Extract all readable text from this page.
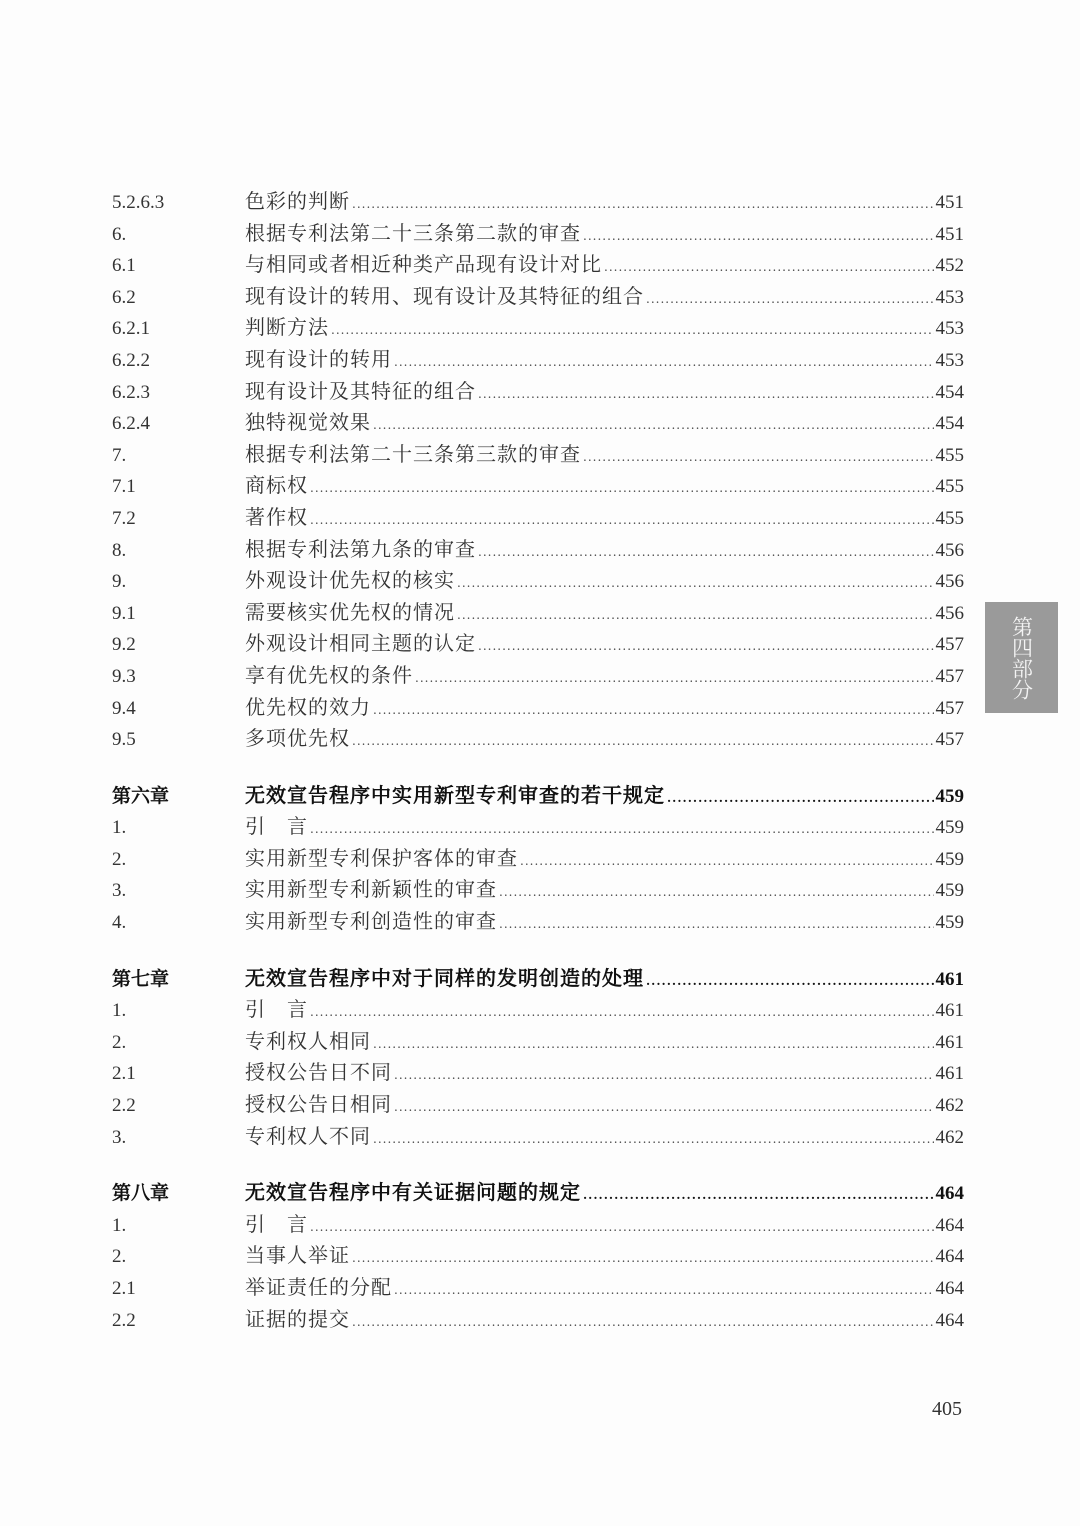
5.2.6.3	色彩的判断 .....	451
6.	根据专利法第二十三条第二款的审查 .....	451
6.1	与相同或者相近种类产品现有设计对比 .....	452
6.2	现有设计的转用、现有设计及其特征的组合 .....	453
6.2.1	判断方法 .....	453
6.2.2	现有设计的转用 .....	453
6.2.3	现有设计及其特征的组合 .....	454
6.2.4	独特视觉效果 .....	454
7.	根据专利法第二十三条第三款的审查 .....	455
7.1	商标权 .....	455
7.2	著作权 .....	455
8.	根据专利法第九条的审查 .....	456
9.	外观设计优先权的核实 .....	456
9.1	需要核实优先权的情况 .....	456
9.2	外观设计相同主题的认定 .....	457
9.3	享有优先权的条件 .....	457
9.4	优先权的效力 .....	457
9.5	多项优先权 .....	457
第六章	无效宣告程序中实用新型专利审查的若干规定 .....	459
1.	引　言 .....	459
2.	实用新型专利保护客体的审查 .....	459
3.	实用新型专利新颖性的审查 .....	459
4.	实用新型专利创造性的审查 .....	459
第七章	无效宣告程序中对于同样的发明创造的处理 .....	461
1.	引　言 .....	461
2.	专利权人相同 .....	461
2.1	授权公告日不同 .....	461
2.2	授权公告日相同 .....	462
3.	专利权人不同 .....	462
第八章	无效宣告程序中有关证据问题的规定 .....	464
1.	引　言 .....	464
2.	当事人举证 .....	464
2.1	举证责任的分配 .....	464
2.2	证据的提交 .....	464
第四部分
405
